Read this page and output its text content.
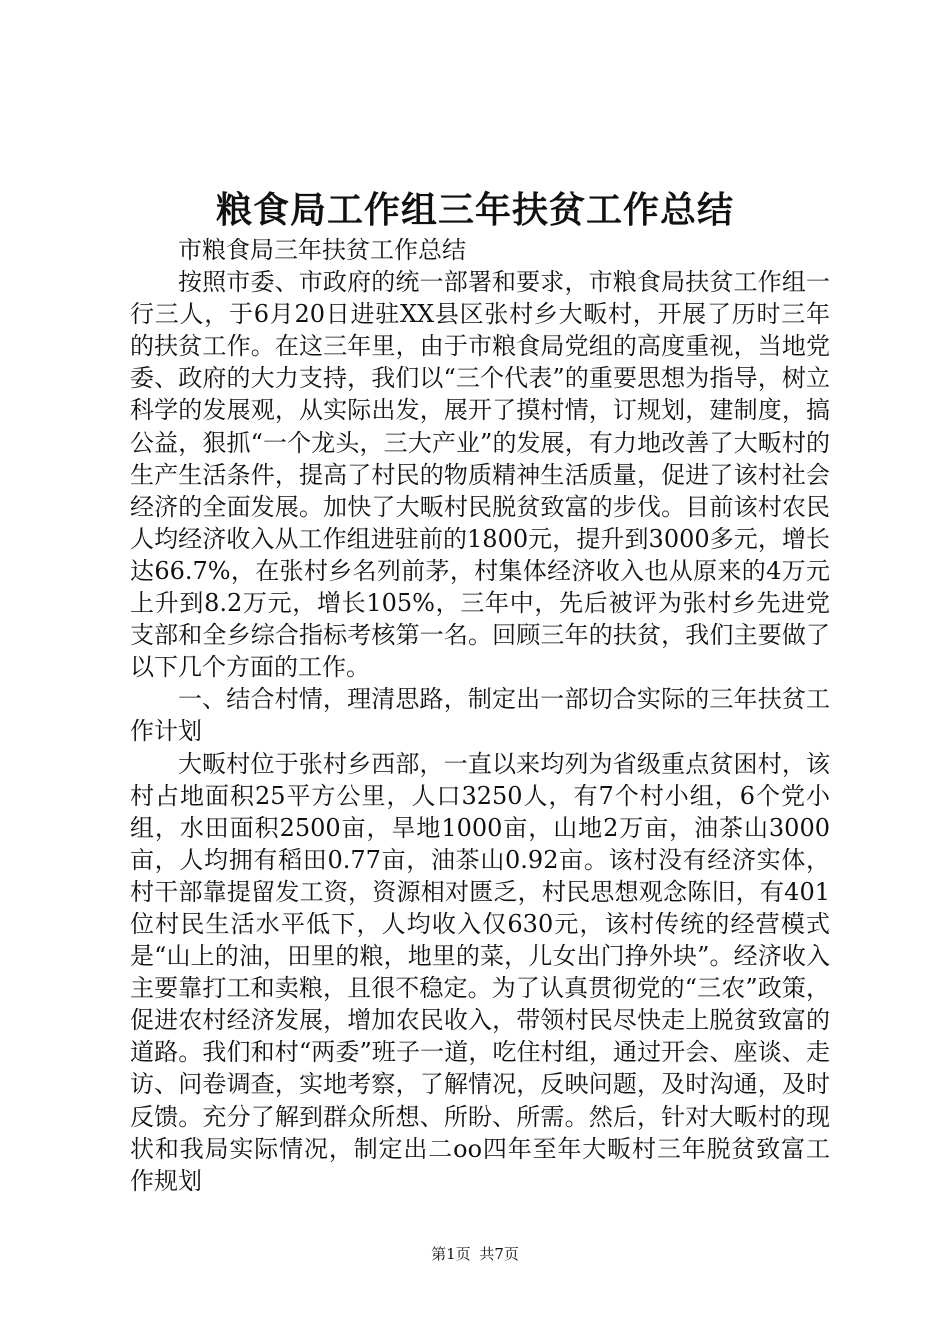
粮食局工作组三年扶贫工作总结

市粮食局三年扶贫工作总结

按照市委、市政府的统一部署和要求，市粮食局扶贫工作组一行三人，于6月20日进驻XX县区张村乡大畈村，开展了历时三年的扶贫工作。在这三年里，由于市粮食局党组的高度重视，当地党委、政府的大力支持，我们以“三个代表”的重要思想为指导，树立科学的发展观，从实际出发，展开了摸村情，订规划，建制度，搞公益，狠抓“一个龙头，三大产业”的发展，有力地改善了大畈村的生产生活条件，提高了村民的物质精神生活质量，促进了该村社会经济的全面发展。加快了大畈村民脱贫致富的步伐。目前该村农民人均经济收入从工作组进驻前的1800元，提升到3000多元，增长达66.7%，在张村乡名列前茅，村集体经济收入也从原来的4万元上升到8.2万元，增长105%，三年中，先后被评为张村乡先进党支部和全乡综合指标考核第一名。回顾三年的扶贫，我们主要做了以下几个方面的工作。

一、结合村情，理清思路，制定出一部切合实际的三年扶贫工作计划

大畈村位于张村乡西部，一直以来均列为省级重点贫困村，该村占地面积25平方公里，人口3250人，有7个村小组，6个党小组，水田面积2500亩，旱地1000亩，山地2万亩，油茶山3000亩，人均拥有稻田0.77亩，油茶山0.92亩。该村没有经济实体，村干部靠提留发工资，资源相对匮乏，村民思想观念陈旧，有401位村民生活水平低下，人均收入仅630元，该村传统的经营模式是“山上的油，田里的粮，地里的菜，儿女出门挣外块”。经济收入主要靠打工和卖粮，且很不稳定。为了认真贯彻党的“三农”政策，促进农村经济发展，增加农民收入，带领村民尽快走上脱贫致富的道路。我们和村“两委”班子一道，吃住村组，通过开会、座谈、走访、问卷调查，实地考察，了解情况，反映问题，及时沟通，及时反馈。充分了解到群众所想、所盼、所需。然后，针对大畈村的现状和我局实际情况，制定出二oo四年至年大畈村三年脱贫致富工作规划

第1页 共7页
